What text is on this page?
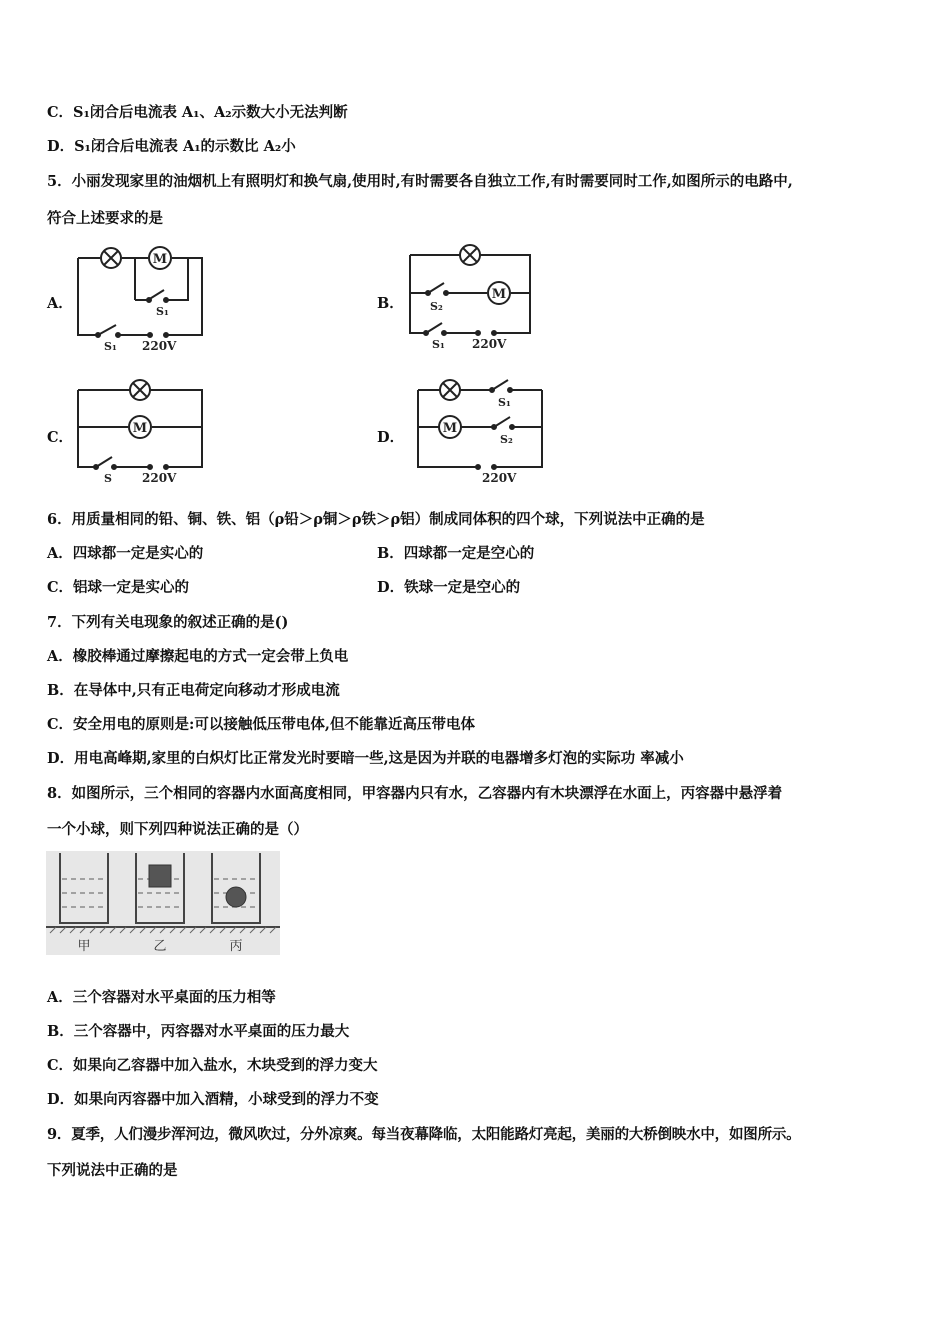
C．S₁闭合后电流表 A₁、A₂示数大小无法判断
D．S₁闭合后电流表 A₁的示数比 A₂小
5．小丽发现家里的油烟机上有照明灯和换气扇,使用时,有时需要各自独立工作,有时需要同时工作,如图所示的电路中,
符合上述要求的是
A．	B．
C．	D．
M
S₁
S₁ 220V
M
S₂
S₁ 220V
M
S	220V
S₁
M
S₂
220V
6．用质量相同的铅、铜、铁、铝（ρ铅＞ρ铜＞ρ铁＞ρ铝）制成同体积的四个球，下列说法中正确的是
A．四球都一定是实心的	B．四球都一定是空心的
C．铝球一定是实心的	D．铁球一定是空心的
7．下列有关电现象的叙述正确的是()
A．橡胶棒通过摩擦起电的方式一定会带上负电
B．在导体中,只有正电荷定向移动才形成电流
C．安全用电的原则是:可以接触低压带电体,但不能靠近高压带电体
D．用电高峰期,家里的白炽灯比正常发光时要暗一些,这是因为并联的电器增多灯泡的实际功 率减小
8．如图所示，三个相同的容器内水面高度相同，甲容器内只有水，乙容器内有木块漂浮在水面上，丙容器中悬浮着
一个小球，则下列四种说法正确的是（）
甲	乙	丙
A．三个容器对水平桌面的压力相等
B．三个容器中，丙容器对水平桌面的压力最大
C．如果向乙容器中加入盐水，木块受到的浮力变大
D．如果向丙容器中加入酒精，小球受到的浮力不变
9．夏季，人们漫步浑河边，微风吹过，分外凉爽。每当夜幕降临，太阳能路灯亮起，美丽的大桥倒映水中，如图所示。
下列说法中正确的是
